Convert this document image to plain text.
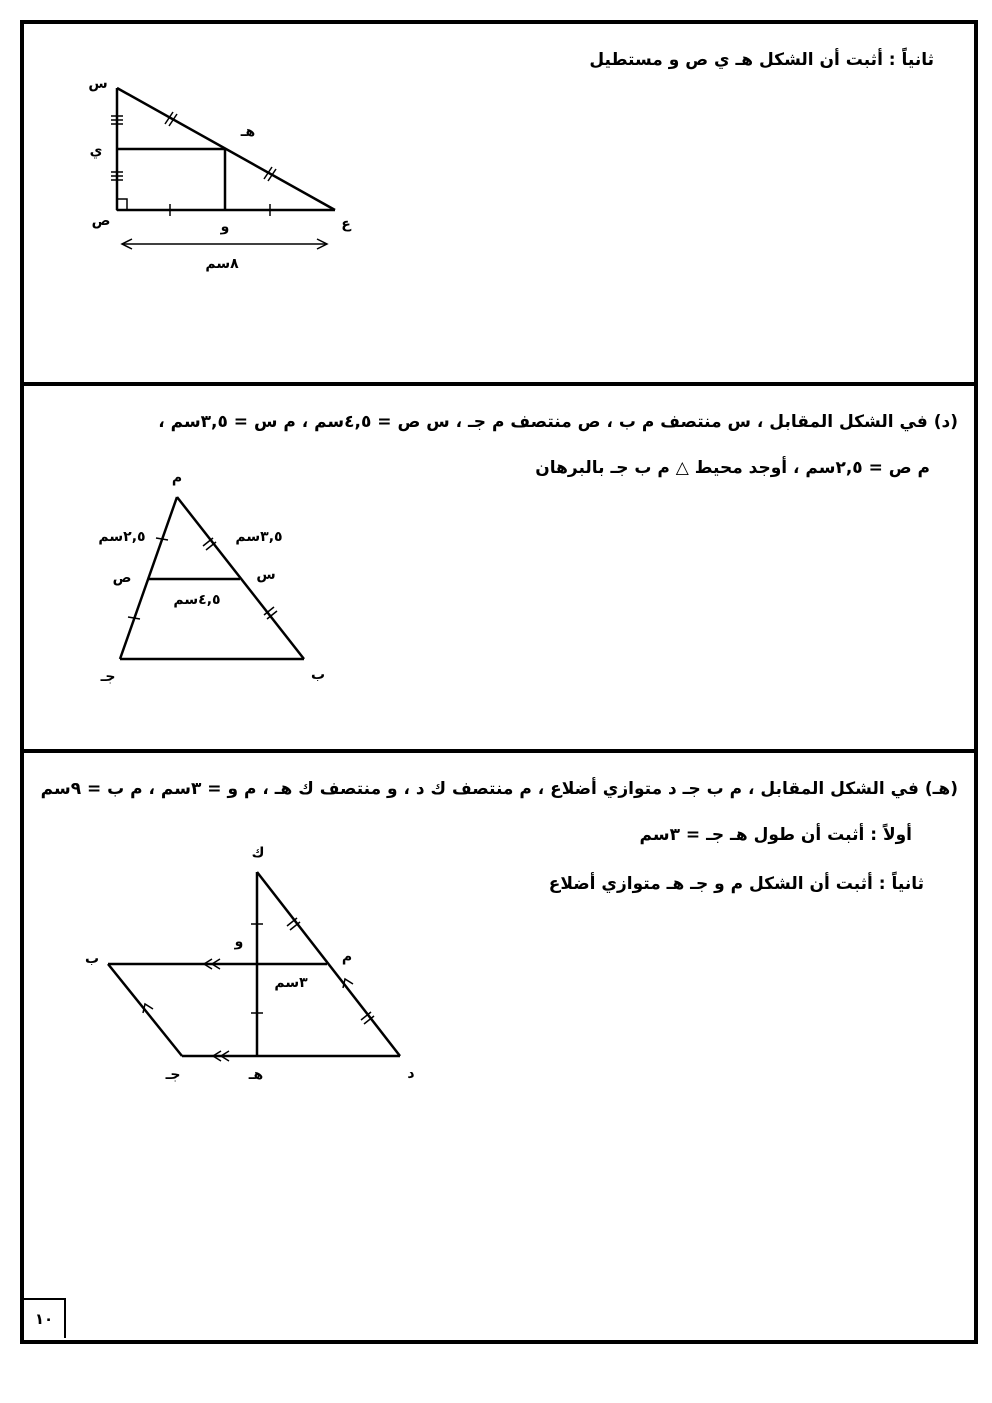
ثانياً : أثبت أن الشكل هـ ي ص و مستطيل
(د) في الشكل المقابل ، س منتصف ﻡ ب ، ص منتصف ﻡ جـ ، س ص = ٤,٥سم ، ﻡ س = ٣,٥سم ،
ﻡ ص = ٢,٥سم ، أوجد محيط △ ﻡ ب جـ بالبرهان
(هـ) في الشكل المقابل ، ﻡ ب جـ د متوازي أضلاع ، ﻡ منتصف ك د ، و منتصف ك هـ ، ﻡ و = ٣سم ، ﻡ ب = ٩سم
أولاً : أثبت أن طول هـ جـ = ٣سم
ثانياً : أثبت أن الشكل ﻡ و جـ هـ متوازي أضلاع
س
ي
هـ
ص	و	ع
٨سم
ﻡ
ب
جـ
س
ص
٣,٥سم
٢,٥سم
٤,٥سم
ك
و
ﻡ
ب
جـ	هـ	د
٣سم
١٠
